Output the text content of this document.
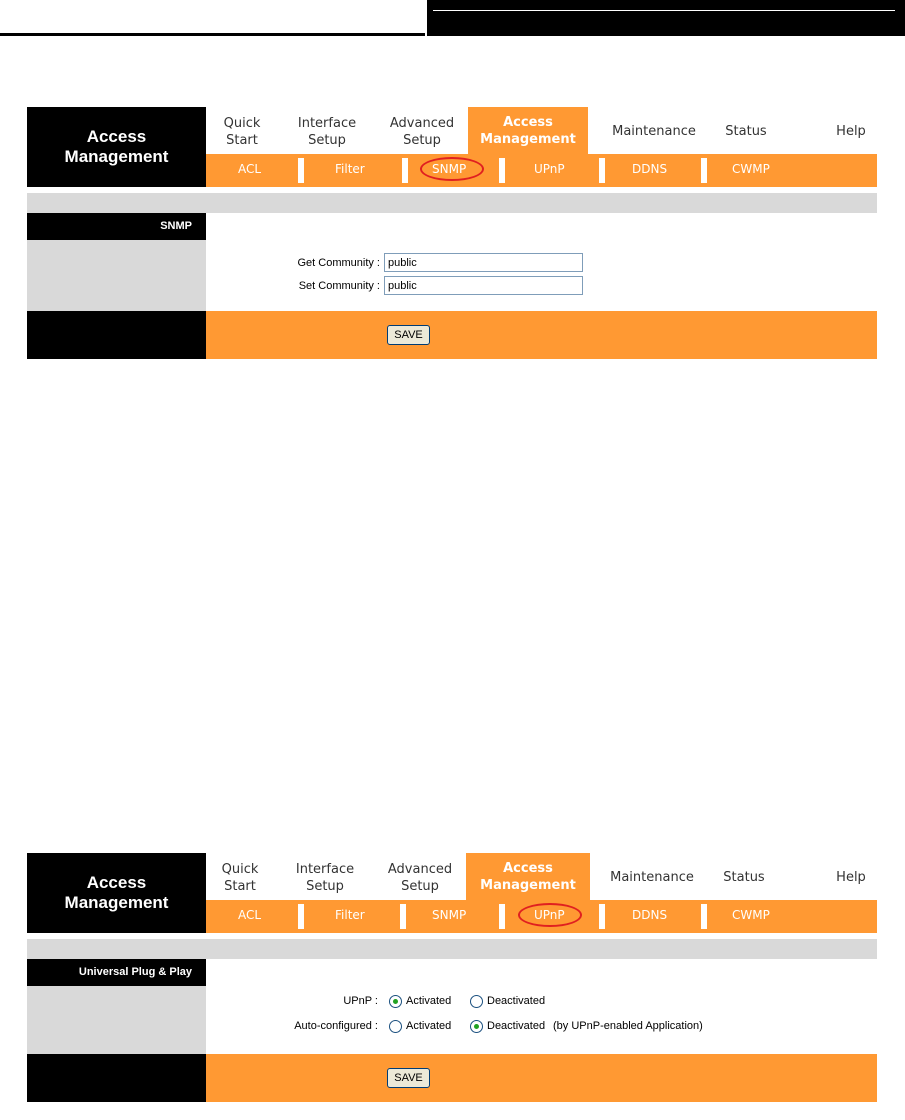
Access
Management
Quick
Start
Interface
Setup
Advanced
Setup
Access
Management	Maintenance	Status	Help
ACL	Filter	SNMP	UPnP	DDNS	CWMP
SNMP
Get Community :
public
Set Community :
public
SAVE
Access
Management
Quick
Start
Interface
Setup
Advanced
Setup
Access
Management	Maintenance	Status	Help
ACL	Filter	SNMP	UPnP	DDNS	CWMP
Universal Plug & Play
UPnP :	Activated	Deactivated
Auto-configured :	Activated	Deactivated (by UPnP-enabled Application)
SAVE
